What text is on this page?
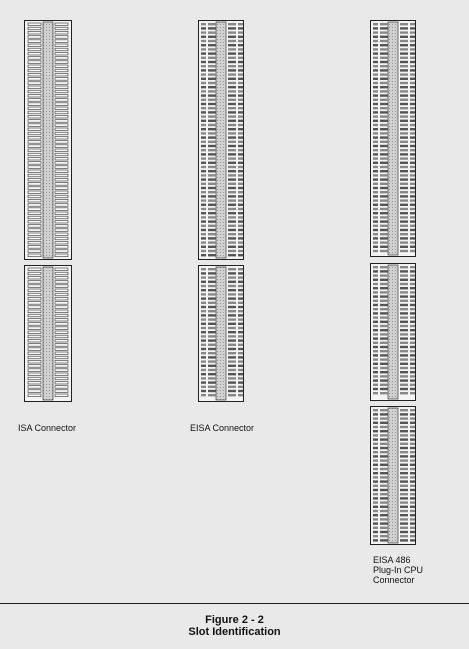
ISA Connector	EISA Connector
EISA 486
Plug-In CPU
Connector
Figure 2 - 2
Slot Identification
